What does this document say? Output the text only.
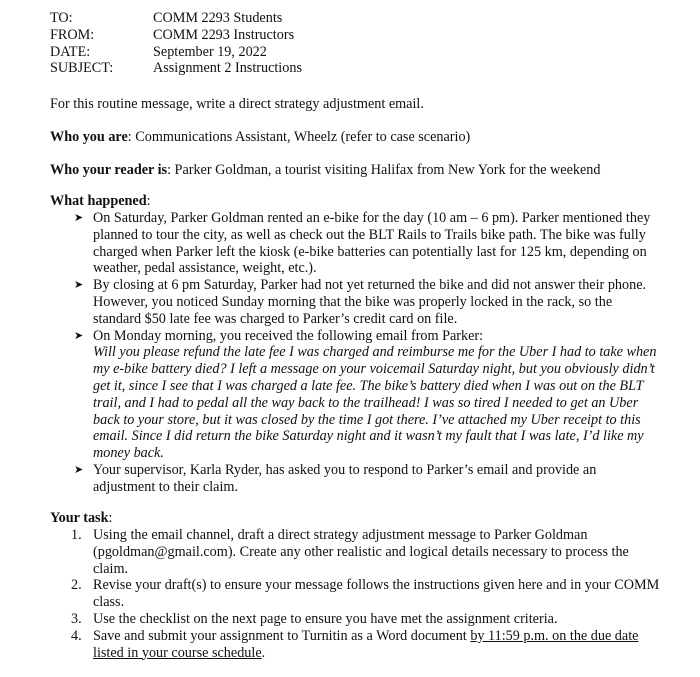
TO:	COMM 2293 Students
FROM:	COMM 2293 Instructors
DATE:	September 19, 2022
SUBJECT:	Assignment 2 Instructions
For this routine message, write a direct strategy adjustment email.
Who you are: Communications Assistant, Wheelz (refer to case scenario)
Who your reader is: Parker Goldman, a tourist visiting Halifax from New York for the weekend
What happened:
➤ On Saturday, Parker Goldman rented an e-bike for the day (10 am – 6 pm). Parker mentioned they planned to tour the city, as well as check out the BLT Rails to Trails bike path. The bike was fully charged when Parker left the kiosk (e-bike batteries can potentially last for 125 km, depending on weather, pedal assistance, weight, etc.).
➤ By closing at 6 pm Saturday, Parker had not yet returned the bike and did not answer their phone. However, you noticed Sunday morning that the bike was properly locked in the rack, so the standard $50 late fee was charged to Parker’s credit card on file.
➤ On Monday morning, you received the following email from Parker:
Will you please refund the late fee I was charged and reimburse me for the Uber I had to take when my e-bike battery died? I left a message on your voicemail Saturday night, but you obviously didn’t get it, since I see that I was charged a late fee. The bike’s battery died when I was out on the BLT trail, and I had to pedal all the way back to the trailhead! I was so tired I needed to get an Uber back to your store, but it was closed by the time I got there. I’ve attached my Uber receipt to this email. Since I did return the bike Saturday night and it wasn’t my fault that I was late, I’d like my money back.
➤ Your supervisor, Karla Ryder, has asked you to respond to Parker’s email and provide an adjustment to their claim.
Your task:
1. Using the email channel, draft a direct strategy adjustment message to Parker Goldman (pgoldman@gmail.com). Create any other realistic and logical details necessary to process the claim.
2. Revise your draft(s) to ensure your message follows the instructions given here and in your COMM class.
3. Use the checklist on the next page to ensure you have met the assignment criteria.
4. Save and submit your assignment to Turnitin as a Word document by 11:59 p.m. on the due date listed in your course schedule.
